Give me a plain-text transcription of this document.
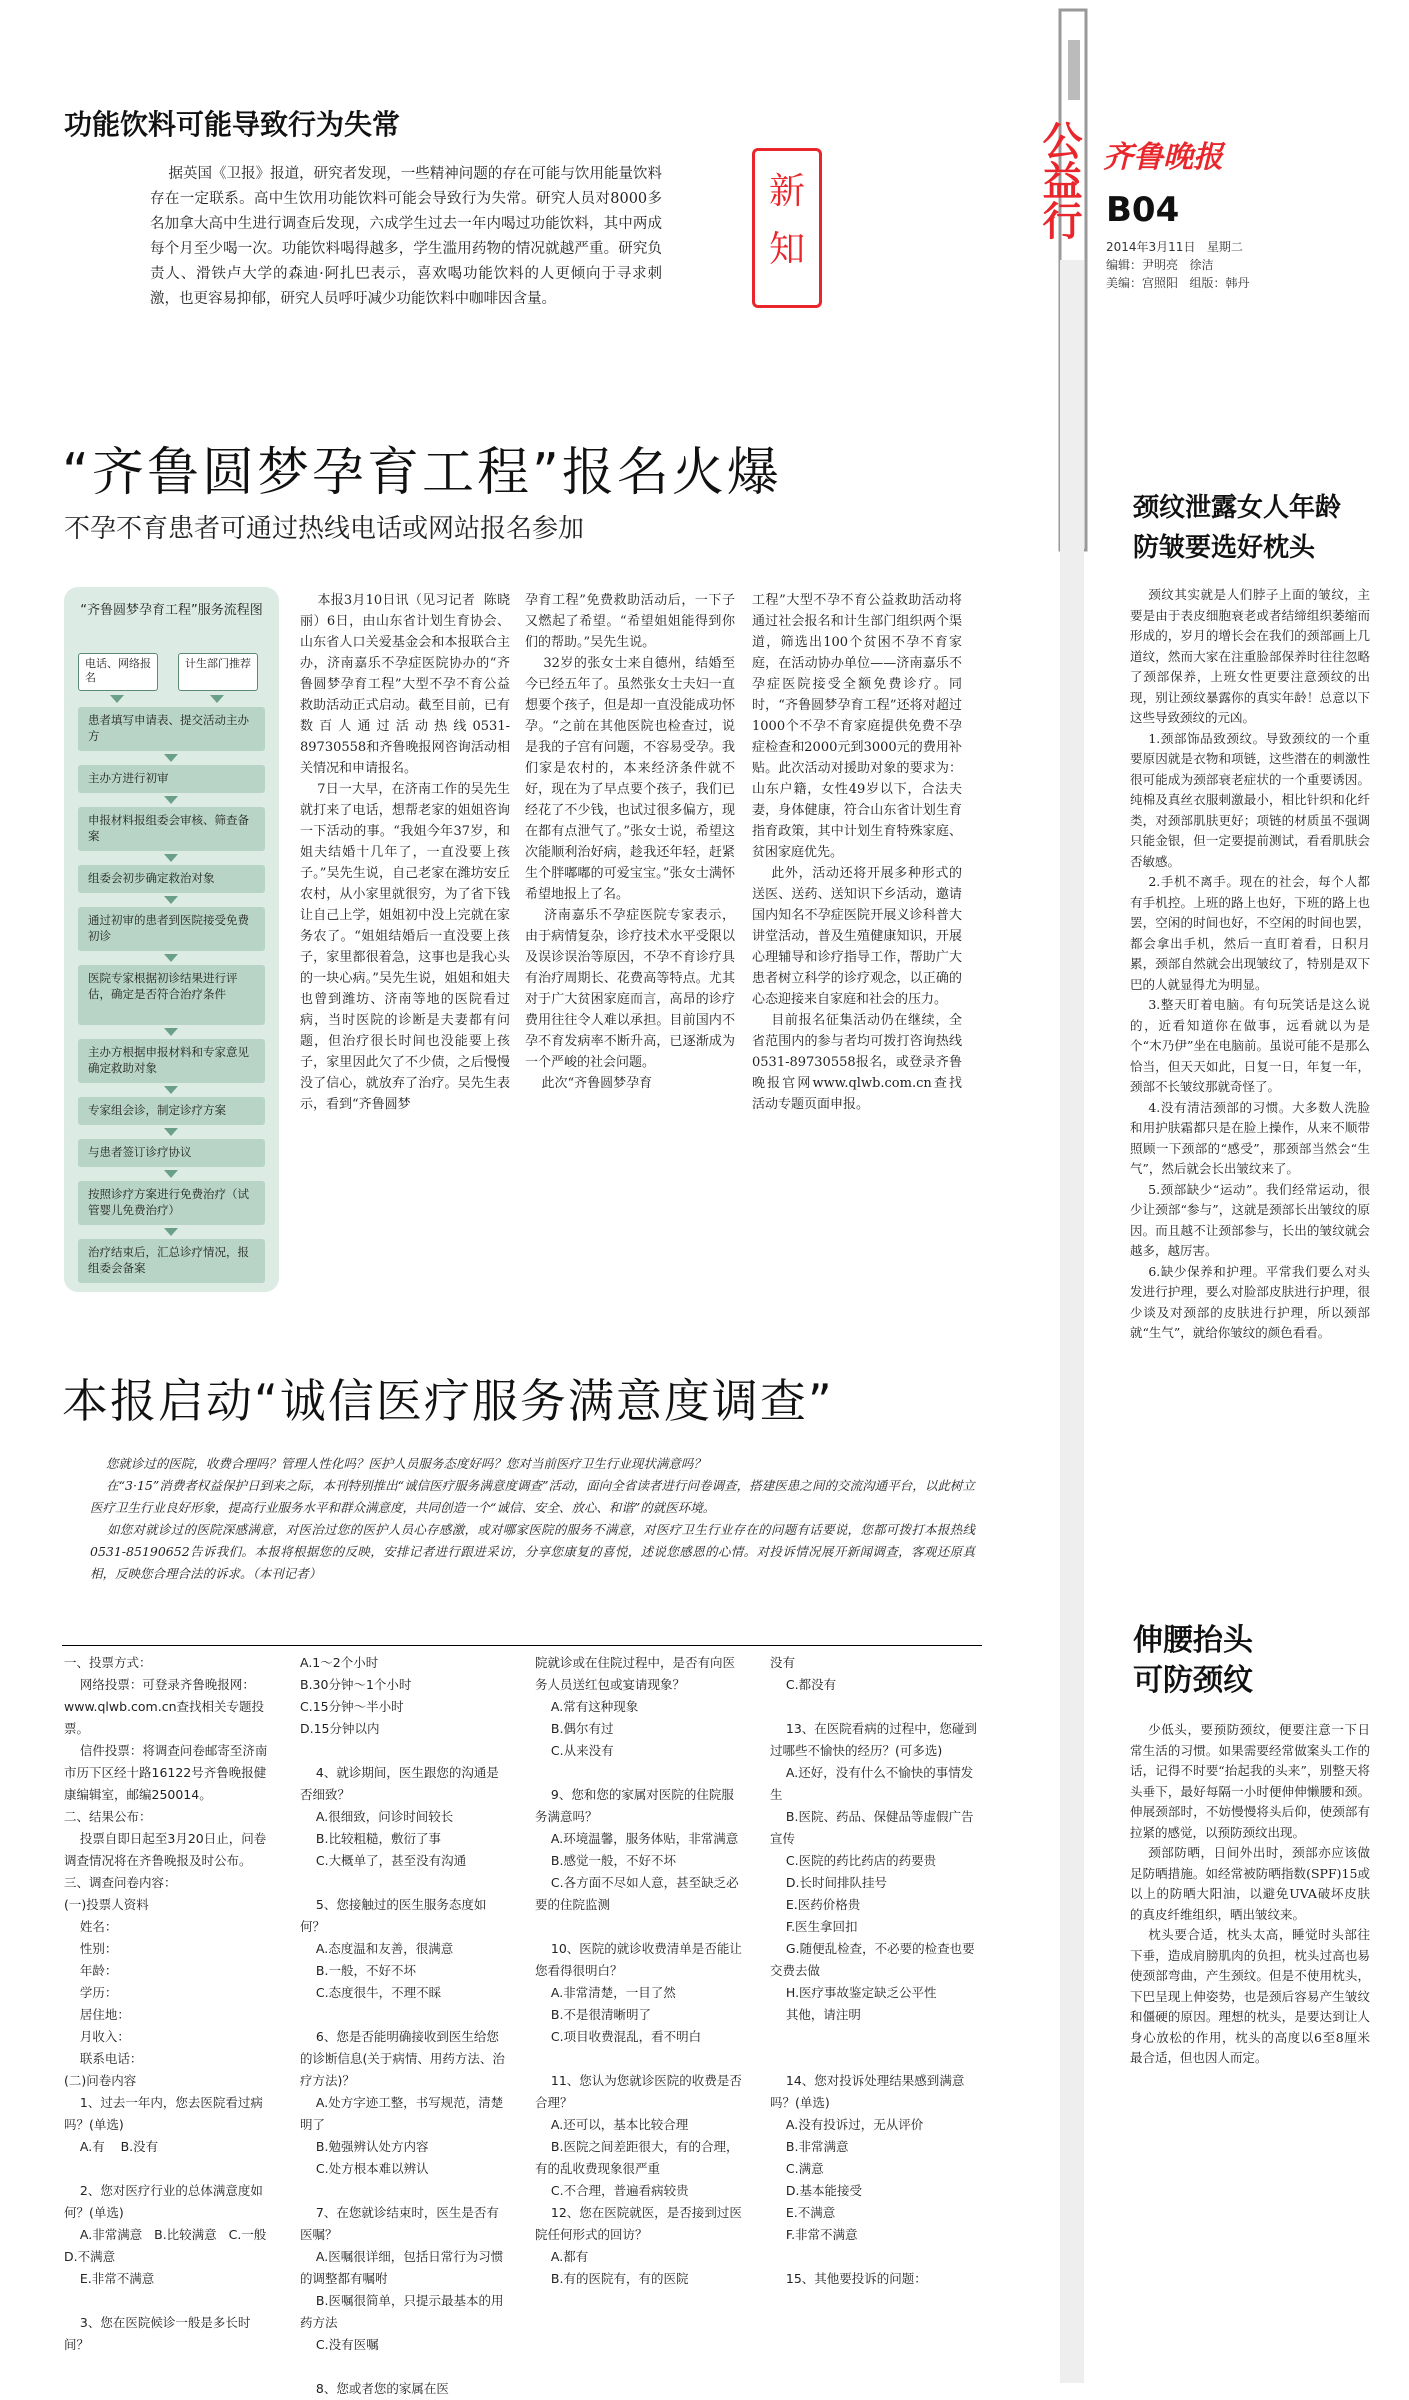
公益行 齐鲁晚报
B04
2014年3月11日   星期二
编辑：尹明亮   徐洁
美编：宫照阳   组版：韩丹
新知
功能饮料可能导致行为失常
据英国《卫报》报道，研究者发现，一些精神问题的存在可能与饮用能量饮料存在一定联系。高中生饮用功能饮料可能会导致行为失常。研究人员对8000多名加拿大高中生进行调查后发现，六成学生过去一年内喝过功能饮料，其中两成每个月至少喝一次。功能饮料喝得越多，学生滥用药物的情况就越严重。研究负责人、滑铁卢大学的森迪·阿扎巴表示，喜欢喝功能饮料的人更倾向于寻求刺激，也更容易抑郁，研究人员呼吁减少功能饮料中咖啡因含量。
“齐鲁圆梦孕育工程”报名火爆
不孕不育患者可通过热线电话或网站报名参加
“齐鲁圆梦孕育工程”服务流程图
电话、网络报名
计生部门推荐
患者填写申请表、提交活动主办方
主办方进行初审
申报材料报组委会审核、筛查备案
组委会初步确定救治对象
通过初审的患者到医院接受免费初诊
医院专家根据初诊结果进行评估，确定是否符合治疗条件
主办方根据申报材料和专家意见确定救助对象
专家组会诊，制定诊疗方案
与患者签订诊疗协议
按照诊疗方案进行免费治疗（试管婴儿免费治疗）
治疗结束后，汇总诊疗情况，报组委会备案
本报3月10日讯（见习记者  陈晓丽）6日，由山东省计划生育协会、山东省人口关爱基金会和本报联合主办，济南嘉乐不孕症医院协办的“齐鲁圆梦孕育工程”大型不孕不育公益救助活动正式启动。截至目前，已有数百人通过活动热线0531-89730558和齐鲁晚报网咨询活动相关情况和申请报名。
7日一大早，在济南工作的吴先生就打来了电话，想帮老家的姐姐咨询一下活动的事。“我姐今年37岁，和姐夫结婚十几年了，一直没要上孩子。”吴先生说，自己老家在潍坊安丘农村，从小家里就很穷，为了省下钱让自己上学，姐姐初中没上完就在家务农了。“姐姐结婚后一直没要上孩子，家里都很着急，这事也是我心头的一块心病。”吴先生说，姐姐和姐夫也曾到潍坊、济南等地的医院看过病，当时医院的诊断是夫妻都有问题，但治疗很长时间也没能要上孩子，家里因此欠了不少债，之后慢慢没了信心，就放弃了治疗。吴先生表示，看到“齐鲁圆梦
孕育工程”免费救助活动后，一下子又燃起了希望。“希望姐姐能得到你们的帮助。”吴先生说。
32岁的张女士来自德州，结婚至今已经五年了。虽然张女士夫妇一直想要个孩子，但是却一直没能成功怀孕。“之前在其他医院也检查过，说是我的子宫有问题，不容易受孕。我们家是农村的，本来经济条件就不好，现在为了早点要个孩子，我们已经花了不少钱，也试过很多偏方，现在都有点泄气了。”张女士说，希望这次能顺利治好病，趁我还年轻，赶紧生个胖嘟嘟的可爱宝宝。”张女士满怀希望地报上了名。
济南嘉乐不孕症医院专家表示，由于病情复杂，诊疗技术水平受限以及误诊误治等原因，不孕不育诊疗具有治疗周期长、花费高等特点。尤其对于广大贫困家庭而言，高昂的诊疗费用往往令人难以承担。目前国内不孕不育发病率不断升高，已逐渐成为一个严峻的社会问题。
此次“齐鲁圆梦孕育
工程”大型不孕不育公益救助活动将通过社会报名和计生部门组织两个渠道，筛选出100个贫困不孕不育家庭，在活动协办单位——济南嘉乐不孕症医院接受全额免费诊疗。同时，“齐鲁圆梦孕育工程”还将对超过1000个不孕不育家庭提供免费不孕症检查和2000元到3000元的费用补贴。此次活动对援助对象的要求为：山东户籍，女性49岁以下，合法夫妻，身体健康，符合山东省计划生育指育政策，其中计划生育特殊家庭、贫困家庭优先。
此外，活动还将开展多种形式的送医、送药、送知识下乡活动，邀请国内知名不孕症医院开展义诊科普大讲堂活动，普及生殖健康知识，开展心理辅导和诊疗指导工作，帮助广大患者树立科学的诊疗观念，以正确的心态迎接来自家庭和社会的压力。
目前报名征集活动仍在继续，全省范围内的参与者均可拨打咨询热线0531-89730558报名，或登录齐鲁晚报官网www.qlwb.com.cn查找活动专题页面申报。
本报启动“诚信医疗服务满意度调查”
您就诊过的医院，收费合理吗？管理人性化吗？医护人员服务态度好吗？您对当前医疗卫生行业现状满意吗？
在“3·15”消费者权益保护日到来之际，本刊特别推出“诚信医疗服务满意度调查”活动，面向全省读者进行问卷调查，搭建医患之间的交流沟通平台，以此树立医疗卫生行业良好形象，提高行业服务水平和群众满意度，共同创造一个“诚信、安全、放心、和谐”的就医环境。
如您对就诊过的医院深感满意，对医治过您的医护人员心存感激，或对哪家医院的服务不满意，对医疗卫生行业存在的问题有话要说，您都可拨打本报热线0531-85190652告诉我们。本报将根据您的反映，安排记者进行跟进采访，分享您康复的喜悦，述说您感恩的心情。对投诉情况展开新闻调查，客观还原真相，反映您合理合法的诉求。（本刊记者）
一、投票方式：
网络投票：可登录齐鲁晚报网：www.qlwb.com.cn查找相关专题投票。
信件投票：将调查问卷邮寄至济南市历下区经十路16122号齐鲁晚报健康编辑室，邮编250014。
二、结果公布：
投票自即日起至3月20日止，问卷调查情况将在齐鲁晚报及时公布。
三、调查问卷内容：
(一)投票人资料
姓名：
性别：
年龄：
学历：
居住地：
月收入：
联系电话：
(二)问卷内容
1、过去一年内，您去医院看过病吗？(单选)
A.有    B.没有

2、您对医疗行业的总体满意度如何？(单选)
A.非常满意   B.比较满意   C.一般   D.不满意
E.非常不满意

3、您在医院候诊一般是多长时间？
A.1～2个小时
B.30分钟～1个小时
C.15分钟～半小时
D.15分钟以内

4、就诊期间，医生跟您的沟通是否细致？
A.很细致，问诊时间较长
B.比较粗糙，敷衍了事
C.大概单了，甚至没有沟通

5、您接触过的医生服务态度如何？
A.态度温和友善，很满意
B.一般，不好不坏
C.态度很牛，不理不睬

6、您是否能明确接收到医生给您的诊断信息(关于病情、用药方法、治疗方法)？
A.处方字迹工整，书写规范，清楚明了
B.勉强辨认处方内容
C.处方根本难以辨认

7、在您就诊结束时，医生是否有医嘱？
A.医嘱很详细，包括日常行为习惯的调整都有嘱咐
B.医嘱很简单，只提示最基本的用药方法
C.没有医嘱

8、您或者您的家属在医
院就诊或在住院过程中，是否有向医务人员送红包或宴请现象？
A.常有这种现象
B.偶尔有过
C.从来没有

9、您和您的家属对医院的住院服务满意吗？
A.环境温馨，服务体贴，非常满意
B.感觉一般，不好不坏
C.各方面不尽如人意，甚至缺乏必要的住院监测

10、医院的就诊收费清单是否能让您看得很明白？
A.非常清楚，一目了然
B.不是很清晰明了
C.项目收费混乱，看不明白

11、您认为您就诊医院的收费是否合理？
A.还可以，基本比较合理
B.医院之间差距很大，有的合理，有的乱收费现象很严重
C.不合理，普遍看病较贵
12、您在医院就医，是否接到过医院任何形式的回访？
A.都有
B.有的医院有，有的医院
没有
C.都没有

13、在医院看病的过程中，您碰到过哪些不愉快的经历？(可多选)
A.还好，没有什么不愉快的事情发生
B.医院、药品、保健品等虚假广告宣传
C.医院的药比药店的药要贵
D.长时间排队挂号
E.医药价格贵
F.医生拿回扣
G.随便乱检查，不必要的检查也要交费去做
H.医疗事故鉴定缺乏公平性
其他，请注明

14、您对投诉处理结果感到满意吗？(单选)
A.没有投诉过，无从评价
B.非常满意
C.满意
D.基本能接受
E.不满意
F.非常不满意

15、其他要投诉的问题：
颈纹泄露女人年龄
防皱要选好枕头
颈纹其实就是人们脖子上面的皱纹，主要是由于表皮细胞衰老或者结缔组织萎缩而形成的，岁月的增长会在我们的颈部画上几道纹，然而大家在注重脸部保养时往往忽略了颈部保养，上班女性更要注意颈纹的出现，别让颈纹暴露你的真实年龄！总意以下这些导致颈纹的元凶。
1.颈部饰品致颈纹。导致颈纹的一个重要原因就是衣物和项链，这些潜在的刺激性很可能成为颈部衰老症状的一个重要诱因。纯棉及真丝衣服刺激最小，相比针织和化纤类，对颈部肌肤更好；项链的材质虽不强调只能金银，但一定要提前测试，看看肌肤会否敏感。
2.手机不离手。现在的社会，每个人都有手机控。上班的路上也好，下班的路上也罢，空闲的时间也好，不空闲的时间也罢，都会拿出手机，然后一直盯着看，日积月累，颈部自然就会出现皱纹了，特别是双下巴的人就显得尤为明显。
3.整天盯着电脑。有句玩笑话是这么说的，近看知道你在做事，远看就以为是个“木乃伊”坐在电脑前。虽说可能不是那么恰当，但天天如此，日复一日，年复一年，颈部不长皱纹那就奇怪了。
4.没有清洁颈部的习惯。大多数人洗脸和用护肤霜都只是在脸上操作，从来不顺带照顾一下颈部的“感受”，那颈部当然会“生气”，然后就会长出皱纹来了。
5.颈部缺少“运动”。我们经常运动，很少让颈部“参与”，这就是颈部长出皱纹的原因。而且越不让颈部参与，长出的皱纹就会越多，越厉害。
6.缺少保养和护理。平常我们要么对头发进行护理，要么对脸部皮肤进行护理，很少谈及对颈部的皮肤进行护理，所以颈部就“生气”，就给你皱纹的颜色看看。
伸腰抬头
可防颈纹
少低头，要预防颈纹，便要注意一下日常生活的习惯。如果需要经常做案头工作的话，记得不时要“抬起我的头来”，别整天将头垂下，最好每隔一小时便伸伸懒腰和颈。伸展颈部时，不妨慢慢将头后仰，使颈部有拉紧的感觉，以预防颈纹出现。
颈部防晒，日间外出时，颈部亦应该做足防晒措施。如经常被防晒指数(SPF)15或以上的防晒大阳油，以避免UVA破坏皮肤的真皮纤维组织，晒出皱纹来。
枕头要合适，枕头太高，睡觉时头部往下垂，造成肩膀肌肉的负担，枕头过高也易使颈部弯曲，产生颈纹。但是不使用枕头，下巴呈现上伸姿势，也是颈后容易产生皱纹和僵硬的原因。理想的枕头，是要达到让人身心放松的作用，枕头的高度以6至8厘米最合适，但也因人而定。
